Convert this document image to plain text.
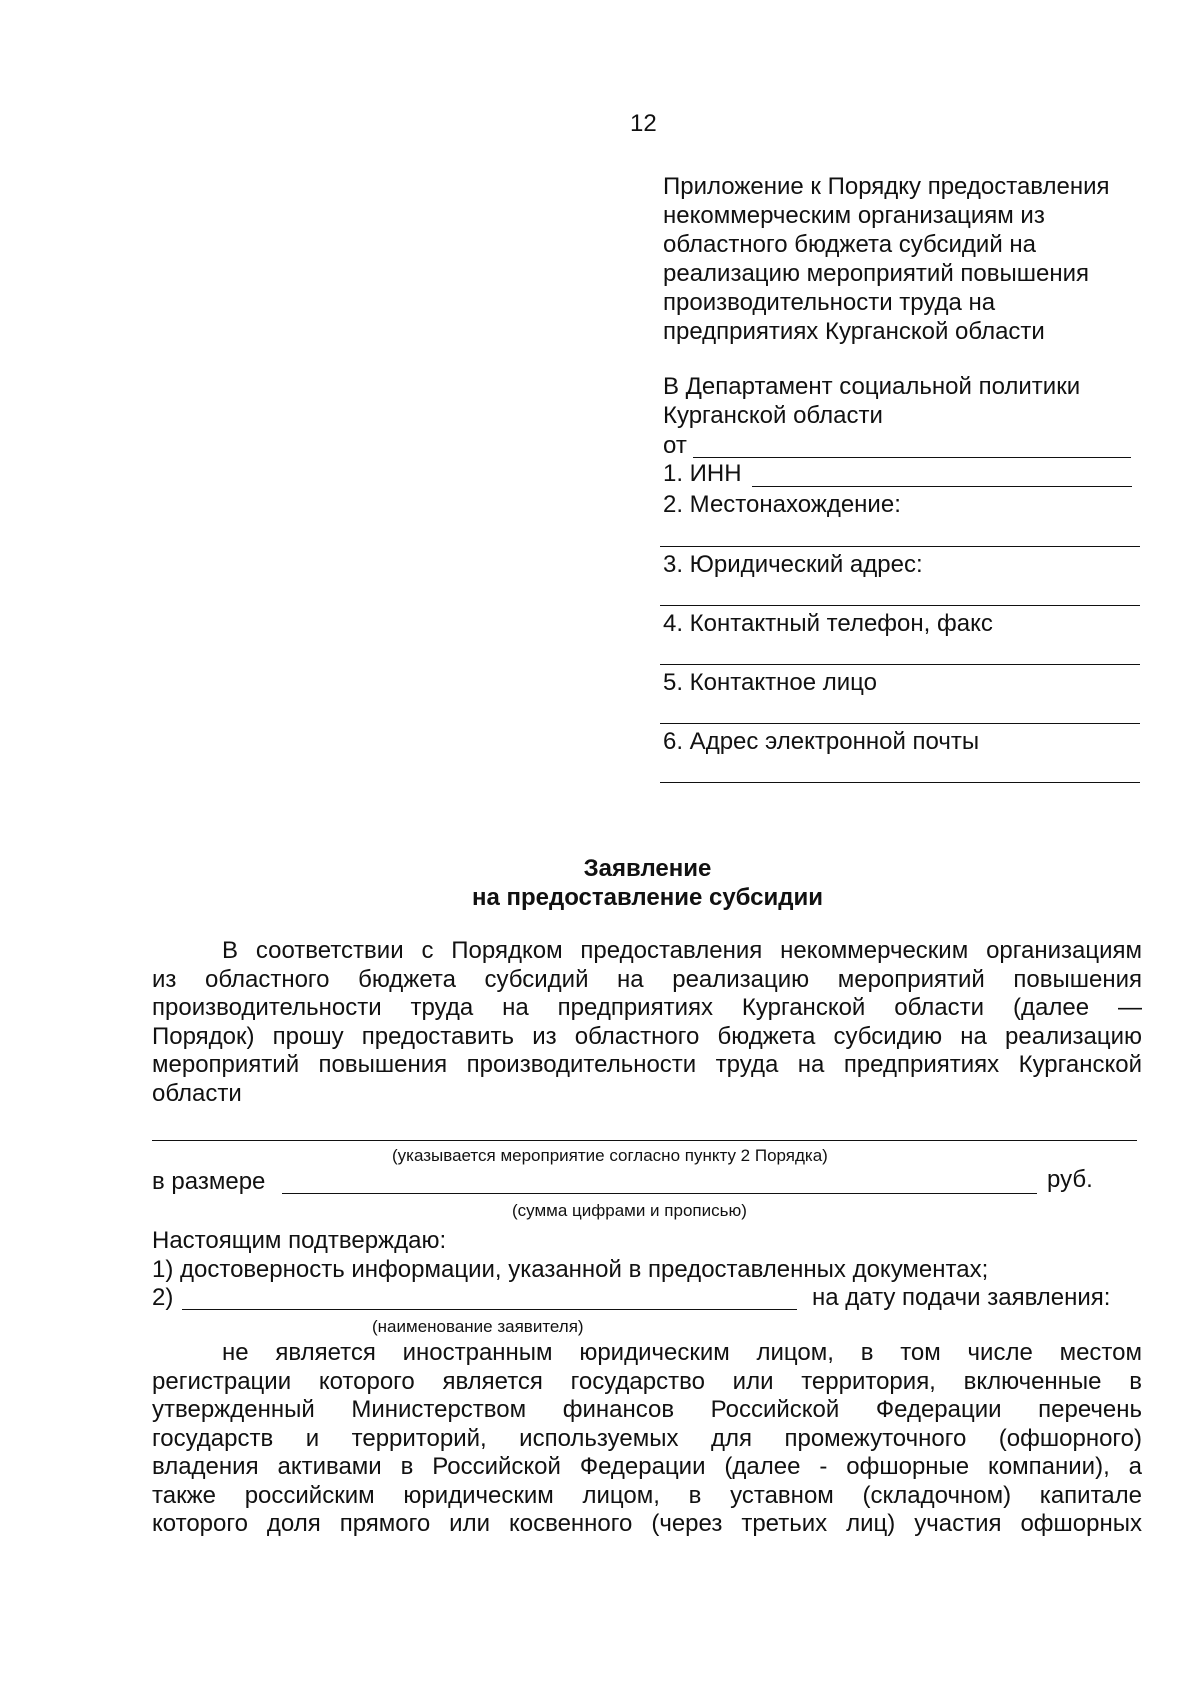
12
Приложение к Порядку предоставления
некоммерческим организациям из
областного бюджета субсидий на
реализацию мероприятий повышения
производительности труда на
предприятиях Курганской области
В Департамент социальной политики
Курганской области
от
1. ИНН
2. Местонахождение:
3. Юридический адрес:
4. Контактный телефон, факс
5. Контактное лицо
6. Адрес электронной почты
Заявление
на предоставление субсидии
В соответствии с Порядком предоставления некоммерческим организациям
из областного бюджета субсидий на реализацию мероприятий повышения
производительности труда на предприятиях Курганской области (далее —
Порядок) прошу предоставить из областного бюджета субсидию на реализацию
мероприятий повышения производительности труда на предприятиях Курганской
области
(указывается мероприятие согласно пункту 2 Порядка)
в размере	руб.
(сумма цифрами и прописью)
Настоящим подтверждаю:
1) достоверность информации, указанной в предоставленных документах;
2)	на дату подачи заявления:
(наименование заявителя)
не является иностранным юридическим лицом, в том числе местом
регистрации которого является государство или территория, включенные в
утвержденный Министерством финансов Российской Федерации перечень
государств и территорий, используемых для промежуточного (офшорного)
владения активами в Российской Федерации (далее - офшорные компании), а
также российским юридическим лицом, в уставном (складочном) капитале
которого доля прямого или косвенного (через третьих лиц) участия офшорных
